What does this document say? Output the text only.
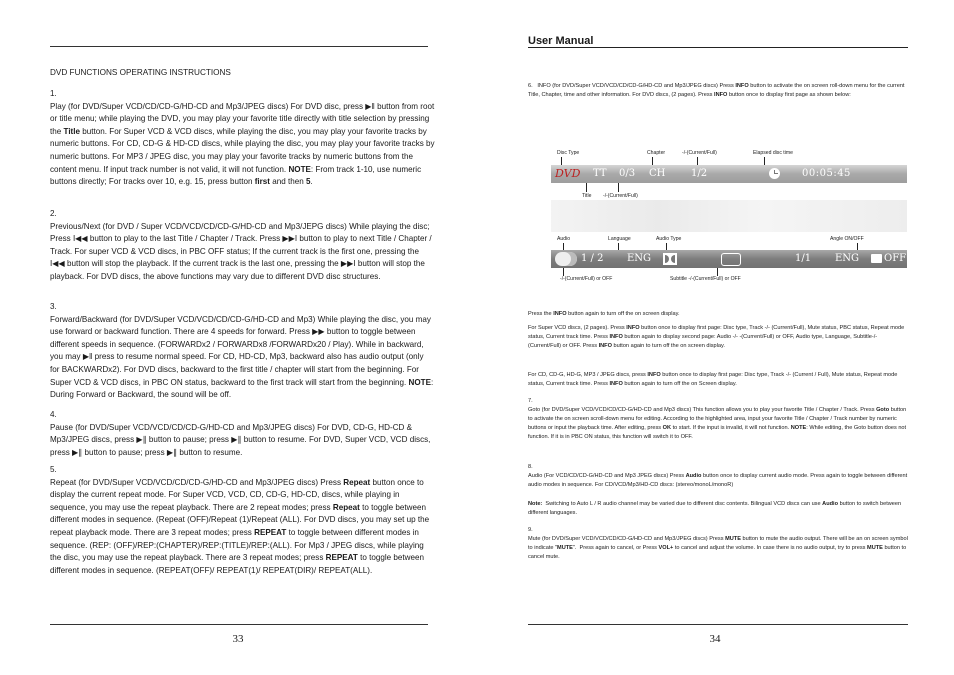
DVD FUNCTIONS OPERATING INSTRUCTIONS
1.

Play (for DVD/Super VCD/CD/CD-G/HD-CD and Mp3/JPEG discs) For DVD disc, press ▶‖ button from root or title menu; while playing the DVD, you may play your favorite title directly with title selection by pressing the Title button. For Super VCD & VCD discs, while playing the disc, you may play your favorite tracks by numeric buttons. For CD, CD-G & HD-CD discs, while playing the disc, you may play your favorite tracks by numeric buttons. For MP3 / JPEG disc, you may play your favorite tracks by numeric buttons from the content menu. If input track number is not valid, it will not function. NOTE: From track 1-10, use numeric buttons directly; For tracks over 10, e.g. 15, press button first and then 5.

2.

Previous/Next (for DVD / Super VCD/VCD/CD/CD-G/HD-CD and Mp3/JEPG discs) While playing the disc; Press I◀◀ button to play to the last Title / Chapter / Track. Press ▶▶I button to play to next Title / Chapter / Track. For super VCD & VCD discs, in PBC OFF status; If the current track is the first one, pressing the I◀◀ button will stop the playback. If the current track is the last one, pressing the ▶▶I button will stop the playback. For DVD discs, the above functions may vary due to different DVD disc structures.

3.

Forward/Backward (for DVD/Super VCD/VCD/CD/CD-G/HD-CD and Mp3) While playing the disc, you may use forward or backward function. There are 4 speeds for forward. Press ▶▶ button to toggle between different speeds in sequence. (FORWARDx2 / FORWARDx8 /FORWARDx20 / Play). While in backward, you may ▶‖ press to resume normal speed. For CD, HD-CD, Mp3, backward also has audio output (only for BACKWARDx2). For DVD discs, backward to the first title / chapter will start from the beginning. For Super VCD & VCD discs, in PBC ON status, backward to the first track will start from the beginning. NOTE: During Forward or Backward, the sound will be off.

4.

Pause (for DVD/Super VCD/VCD/CD/CD-G/HD-CD and Mp3/JPEG discs) For DVD, CD-G, HD-CD & Mp3/JPEG discs, press ▶∥ button to pause; press ▶∥ button to resume. For DVD, Super VCD, VCD discs, press ▶∥ button to pause; press ▶∥ button to resume.

5.

Repeat (for DVD/Super VCD/VCD/CD/CD-G/HD-CD and Mp3/JPEG discs) Press Repeat button once to display the current repeat mode. For Super VCD, VCD, CD, CD-G, HD-CD, discs, while playing in sequence, you may use the repeat playback. There are 2 repeat modes; press Repeat to toggle between different modes in sequence. (Repeat (OFF)/Repeat (1)/Repeat (ALL). For DVD discs, you may set up the repeat playback mode. There are 3 repeat modes; press REPEAT to toggle between different modes in sequence. (REP: (OFF)/REP:(CHAPTER)/REP:(TITLE)/REP:(ALL). For Mp3 / JPEG discs, while playing the disc, you may use the repeat playback. There are 3 repeat modes; press REPEAT to toggle between different modes in sequence. (REPEAT(OFF)/ REPEAT(1)/ REPEAT(DIR)/ REPEAT(ALL).

33
User Manual

6.   INFO (for DVD/Super VCD/VCD/CD/CD-G/HD-CD and Mp3/JPEG discs) Press INFO button to activate the on screen roll-down menu for the current Title, Chapter, time and other information. For DVD discs, (2 pages). Press INFO button once to display first page as shown below:

Disc Type	Chapter	-/-(Current/Full)	Elapsed disc time
DVD TT 0/3 CH	1/2	00:05:45
Title -/-(Current/Full)
Audio	Language	Audio Type	Angle ON/OFF
1 / 2 ENG	1/1 ENG OFF
-/-(Current/Full) or OFF	Subtitle -/-(Current/Full) or OFF

Press the INFO button again to turn off the on screen display.

For Super VCD discs, (2 pages). Press INFO button once to display first page: Disc type, Track -/- (Current/Full), Mute status, PBC status, Repeat mode status, Current track time. Press INFO button again to display second page: Audio -/- -(Current/Full) or OFF, Audio type, Language, Subtitle-/-(Current/Full) or OFF. Press INFO button again to turn off the on screen display.

For CD, CD-G, HD-G, MP3 / JPEG discs, press INFO button once to display first page: Disc type, Track -/- (Current / Full), Mute status, Repeat mode status, Current track time. Press INFO button again to turn off the on Screen display.

7.

Goto (for DVD/Super VCD/VCD/CD/CD-G/HD-CD and Mp3 discs) This function allows you to play your favorite Title / Chapter / Track. Press Goto button to activate the on screen scroll-down menu for editing. According to the highlighted area, input your favorite Title / Chapter / Track number by numeric buttons or input the playback time. After editing, press OK to start. If the input is invalid, it will not function. NOTE: While editing, the Goto button does not function. If it is in PBC ON status, this function will switch it to OFF.

8.

Audio (For VCD/CD/CD-G/HD-CD and Mp3 JPEG discs) Press Audio button once to display current audio mode. Press again to toggle between different audio modes in sequence. For CD/VCD/Mp3/HD-CD discs: (stereo/monoL/monoR)

Note:  Switching to Auto L / R audio channel may be varied due to different disc contents. Bilingual VCD discs can use Audio button to switch between different languages.

9.

Mute (for DVD/Super VCD/VCD/CD/CD-G/HD-CD and Mp3/JPEG discs) Press MUTE button to mute the audio output. There will be an on screen symbol to indicate "MUTE".  Press again to cancel, or Press VOL+ to cancel and adjust the volume. In case there is no audio output, try to press MUTE button to cancel mute.

34
